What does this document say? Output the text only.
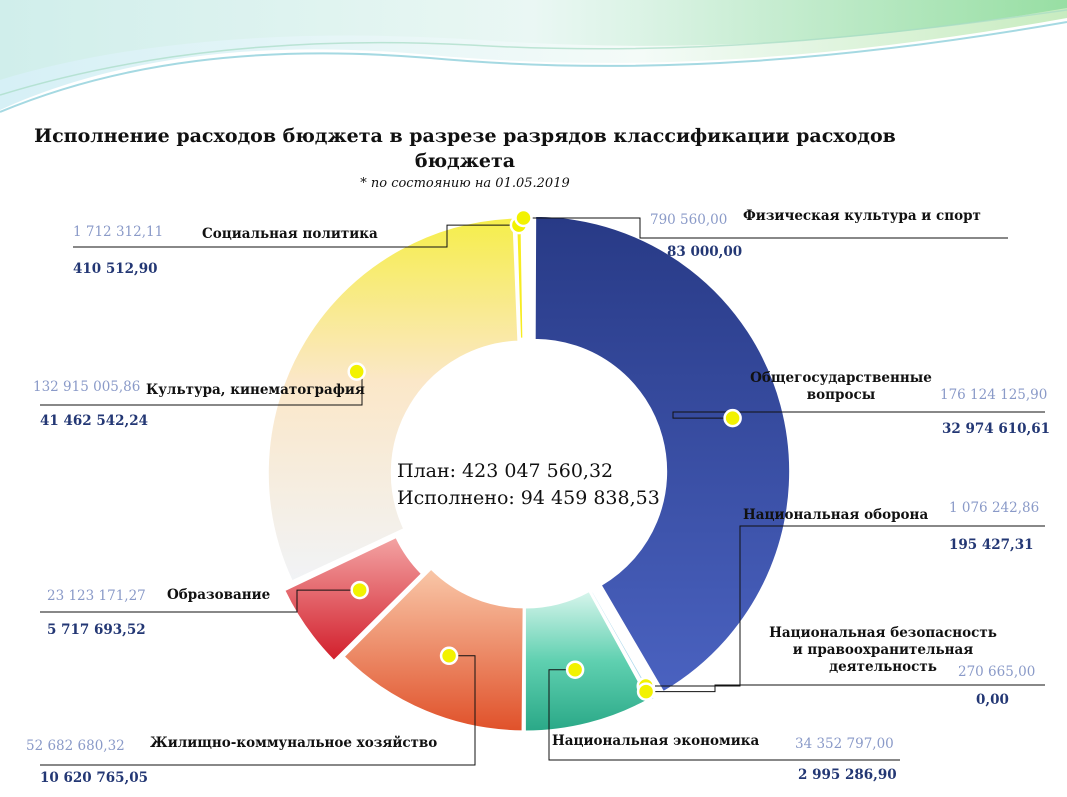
Исполнение расходов бюджета в разрезе разрядов классификации расходов
бюджета
* по состоянию на 01.05.2019
План: 423 047 560,32
Исполнено: 94 459 838,53
Общегосударственные
вопросы	176 124 125,90
32 974 610,61
Национальная оборона 1 076 242,86
195 427,31
Национальная безопасность
и правоохранительная
деятельность	270 665,00
0,00
Национальная экономика	34 352 797,00
2 995 286,90
Жилищно-коммунальное хозяйство
52 682 680,32
10 620 765,05
Образование
23 123 171,27
5 717 693,52
Культура, кинематография
132 915 005,86
41 462 542,24
Социальная политика
1 712 312,11
410 512,90
Физическая культура и спорт
790 560,00
83 000,00
